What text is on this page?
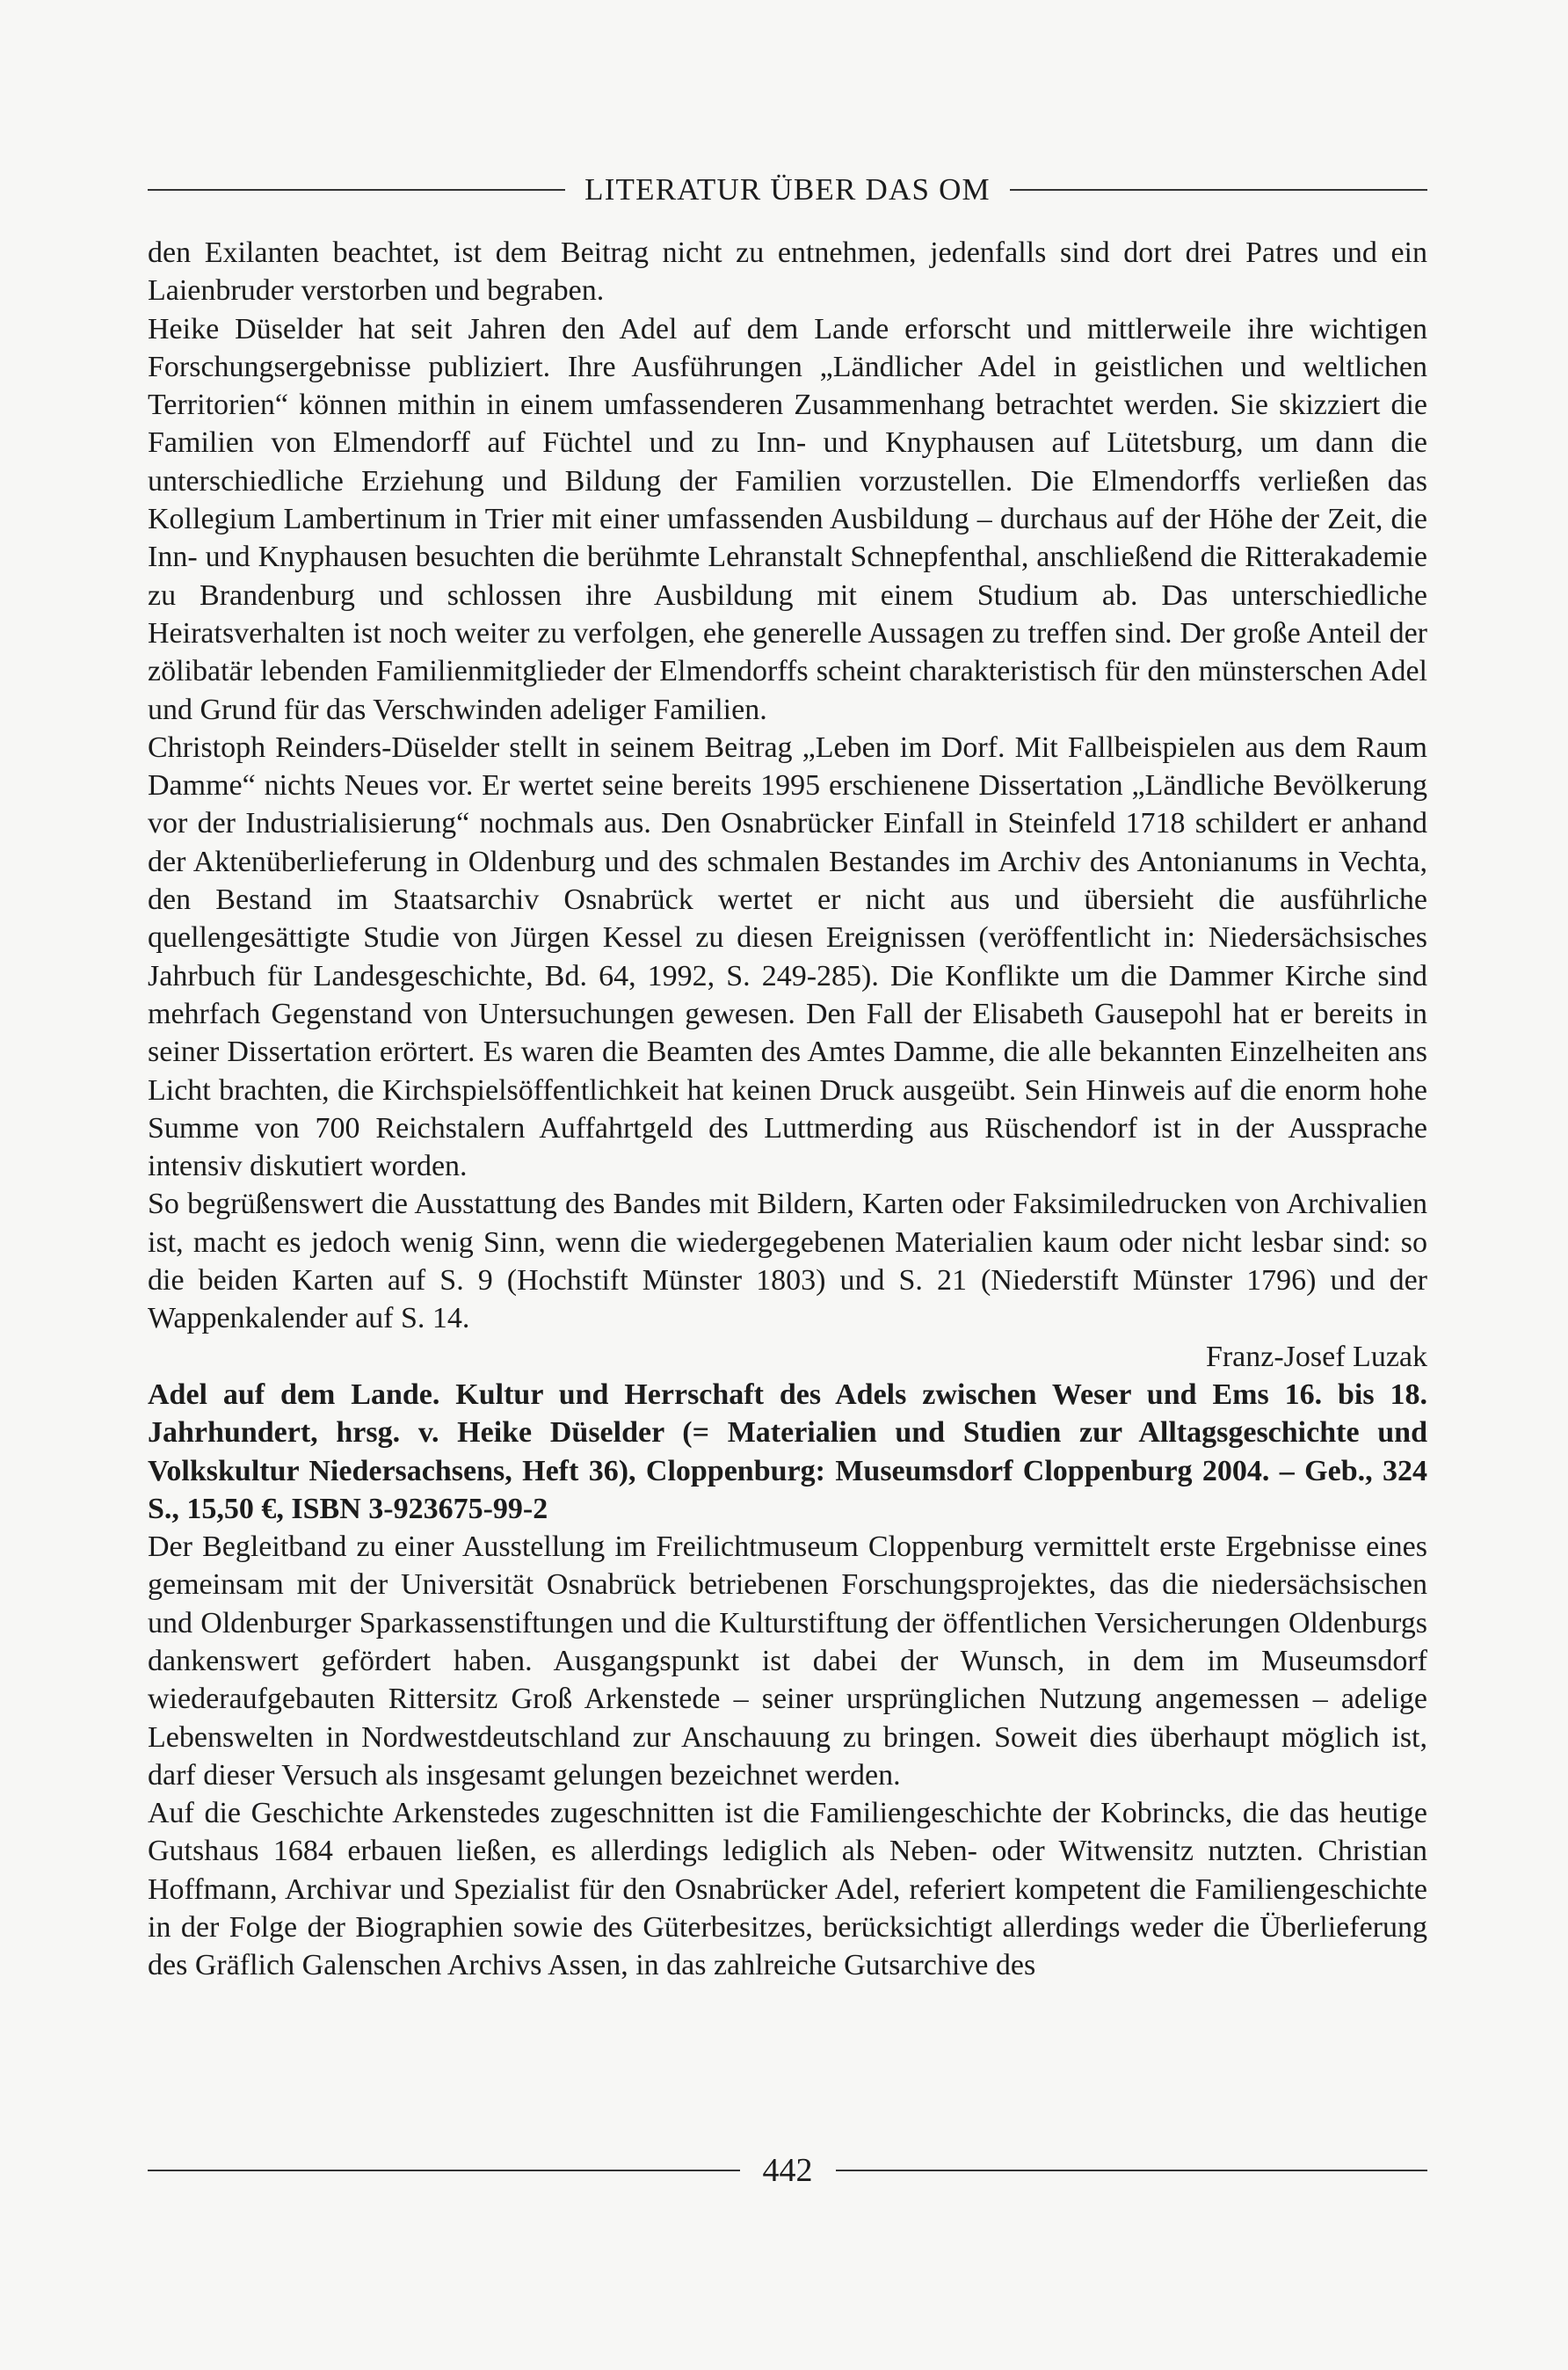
LITERATUR ÜBER DAS OM

den Exilanten beachtet, ist dem Beitrag nicht zu entnehmen, jedenfalls sind dort drei Patres und ein Laienbruder verstorben und begraben.

Heike Düselder hat seit Jahren den Adel auf dem Lande erforscht und mittlerweile ihre wichtigen Forschungsergebnisse publiziert. Ihre Ausführungen „Ländlicher Adel in geistlichen und weltlichen Territorien“ können mithin in einem umfassenderen Zusammenhang betrachtet werden. Sie skizziert die Familien von Elmendorff auf Füchtel und zu Inn- und Knyphausen auf Lütetsburg, um dann die unterschiedliche Erziehung und Bildung der Familien vorzustellen. Die Elmendorffs verließen das Kollegium Lambertinum in Trier mit einer umfassenden Ausbildung – durchaus auf der Höhe der Zeit, die Inn- und Knyphausen besuchten die berühmte Lehranstalt Schnepfenthal, anschließend die Ritterakademie zu Brandenburg und schlossen ihre Ausbildung mit einem Studium ab. Das unterschiedliche Heiratsverhalten ist noch weiter zu verfolgen, ehe generelle Aussagen zu treffen sind. Der große Anteil der zölibatär lebenden Familienmitglieder der Elmendorffs scheint charakteristisch für den münsterschen Adel und Grund für das Verschwinden adeliger Familien.

Christoph Reinders-Düselder stellt in seinem Beitrag „Leben im Dorf. Mit Fallbeispielen aus dem Raum Damme“ nichts Neues vor. Er wertet seine bereits 1995 erschienene Dissertation „Ländliche Bevölkerung vor der Industrialisierung“ nochmals aus. Den Osnabrücker Einfall in Steinfeld 1718 schildert er anhand der Aktenüberlieferung in Oldenburg und des schmalen Bestandes im Archiv des Antonianums in Vechta, den Bestand im Staatsarchiv Osnabrück wertet er nicht aus und übersieht die ausführliche quellengesättigte Studie von Jürgen Kessel zu diesen Ereignissen (veröffentlicht in: Niedersächsisches Jahrbuch für Landesgeschichte, Bd. 64, 1992, S. 249-285). Die Konflikte um die Dammer Kirche sind mehrfach Gegenstand von Untersuchungen gewesen. Den Fall der Elisabeth Gausepohl hat er bereits in seiner Dissertation erörtert. Es waren die Beamten des Amtes Damme, die alle bekannten Einzelheiten ans Licht brachten, die Kirchspielsöffentlichkeit hat keinen Druck ausgeübt. Sein Hinweis auf die enorm hohe Summe von 700 Reichstalern Auffahrtgeld des Luttmerding aus Rüschendorf ist in der Aussprache intensiv diskutiert worden.

So begrüßenswert die Ausstattung des Bandes mit Bildern, Karten oder Faksimiledrucken von Archivalien ist, macht es jedoch wenig Sinn, wenn die wiedergegebenen Materialien kaum oder nicht lesbar sind: so die beiden Karten auf S. 9 (Hochstift Münster 1803) und S. 21 (Niederstift Münster 1796) und der Wappenkalender auf S. 14.

Franz-Josef Luzak

Adel auf dem Lande. Kultur und Herrschaft des Adels zwischen Weser und Ems 16. bis 18. Jahrhundert, hrsg. v. Heike Düselder (= Materialien und Studien zur Alltagsgeschichte und Volkskultur Niedersachsens, Heft 36), Cloppenburg: Museumsdorf Cloppenburg 2004. – Geb., 324 S., 15,50 €, ISBN 3-923675-99-2

Der Begleitband zu einer Ausstellung im Freilichtmuseum Cloppenburg vermittelt erste Ergebnisse eines gemeinsam mit der Universität Osnabrück betriebenen Forschungsprojektes, das die niedersächsischen und Oldenburger Sparkassenstiftungen und die Kulturstiftung der öffentlichen Versicherungen Oldenburgs dankenswert gefördert haben. Ausgangspunkt ist dabei der Wunsch, in dem im Museumsdorf wiederaufgebauten Rittersitz Groß Arkenstede – seiner ursprünglichen Nutzung angemessen – adelige Lebenswelten in Nordwestdeutschland zur Anschauung zu bringen. Soweit dies überhaupt möglich ist, darf dieser Versuch als insgesamt gelungen bezeichnet werden.

Auf die Geschichte Arkenstedes zugeschnitten ist die Familiengeschichte der Kobrincks, die das heutige Gutshaus 1684 erbauen ließen, es allerdings lediglich als Neben- oder Witwensitz nutzten. Christian Hoffmann, Archivar und Spezialist für den Osnabrücker Adel, referiert kompetent die Familiengeschichte in der Folge der Biographien sowie des Güterbesitzes, berücksichtigt allerdings weder die Überlieferung des Gräflich Galenschen Archivs Assen, in das zahlreiche Gutsarchive des

442
